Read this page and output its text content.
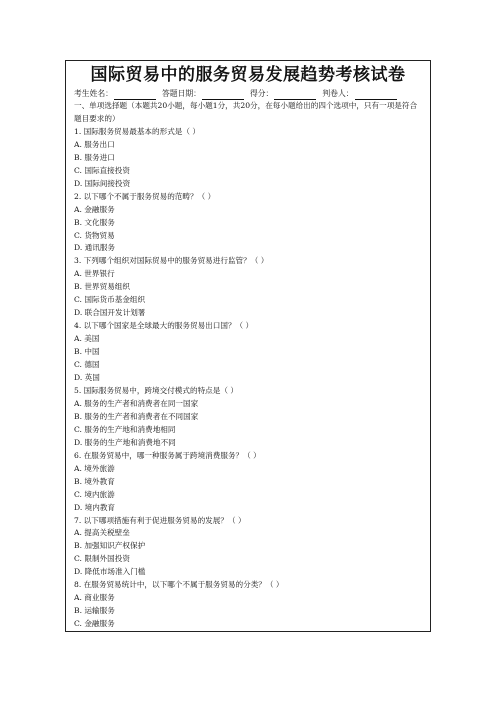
国际贸易中的服务贸易发展趋势考核试卷
考生姓名：	答题日期：	得分：	判卷人：
一、单项选择题（本题共20小题，每小题1分，共20分，在每小题给出的四个选项中，只有一项是符合题目要求的）
1. 国际服务贸易最基本的形式是（ ）
A. 服务出口
B. 服务进口
C. 国际直接投资
D. 国际间接投资
2. 以下哪个不属于服务贸易的范畴？（ ）
A. 金融服务
B. 文化服务
C. 货物贸易
D. 通讯服务
3. 下列哪个组织对国际贸易中的服务贸易进行监管？（ ）
A. 世界银行
B. 世界贸易组织
C. 国际货币基金组织
D. 联合国开发计划署
4. 以下哪个国家是全球最大的服务贸易出口国？（ ）
A. 美国
B. 中国
C. 德国
D. 英国
5. 国际服务贸易中，跨境交付模式的特点是（ ）
A. 服务的生产者和消费者在同一国家
B. 服务的生产者和消费者在不同国家
C. 服务的生产地和消费地相同
D. 服务的生产地和消费地不同
6. 在服务贸易中，哪一种服务属于跨境消费服务？（ ）
A. 境外旅游
B. 境外教育
C. 境内旅游
D. 境内教育
7. 以下哪项措施有利于促进服务贸易的发展？（ ）
A. 提高关税壁垒
B. 加强知识产权保护
C. 限制外国投资
D. 降低市场准入门槛
8. 在服务贸易统计中，以下哪个不属于服务贸易的分类？（ ）
A. 商业服务
B. 运输服务
C. 金融服务
